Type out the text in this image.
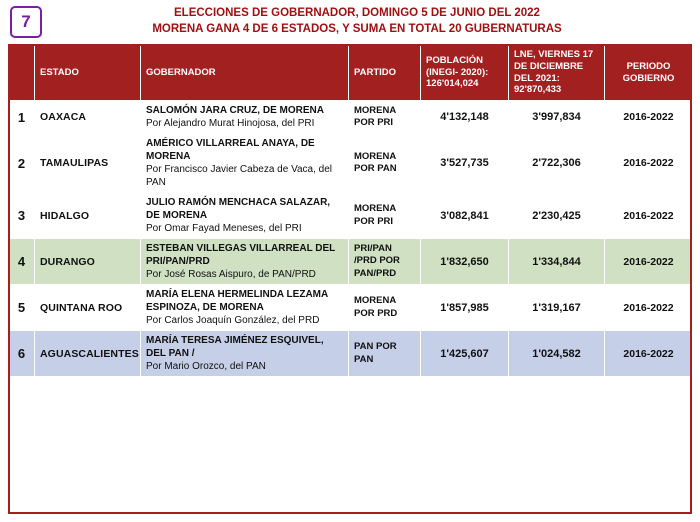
7	ELECCIONES DE GOBERNADOR, DOMINGO 5 DE JUNIO DEL 2022
MORENA GANA 4 DE 6 ESTADOS, Y SUMA EN TOTAL 20 GUBERNATURAS
	ESTADO	GOBERNADOR	PARTIDO	POBLACIÓN (INEGI- 2020): 126'014,024	LNE, VIERNES 17 DE DICIEMBRE DEL 2021: 92'870,433	PERIODO GOBIERNO
1	OAXACA	SALOMÓN JARA CRUZ, DE MORENA
Por Alejandro Murat Hinojosa, del PRI	MORENA POR PRI	4'132,148	3'997,834	2016-2022
2	TAMAULIPAS	AMÉRICO VILLARREAL ANAYA, DE MORENA
Por Francisco Javier Cabeza de Vaca, del PAN	MORENA POR PAN	3'527,735	2'722,306	2016-2022
3	HIDALGO	JULIO RAMÓN MENCHACA SALAZAR, DE MORENA
Por Omar Fayad Meneses, del PRI	MORENA POR PRI	3'082,841	2'230,425	2016-2022
4	DURANGO	ESTEBAN VILLEGAS VILLARREAL DEL PRI/PAN/PRD
Por José Rosas Aispuro, de PAN/PRD	PRI/PAN /PRD POR PAN/PRD	1'832,650	1'334,844	2016-2022
5	QUINTANA ROO	MARÍA ELENA HERMELINDA LEZAMA ESPINOZA, DE MORENA
Por Carlos Joaquín González, del PRD	MORENA POR PRD	1'857,985	1'319,167	2016-2022
6	AGUASCALIENTES	MARÍA TERESA JIMÉNEZ ESQUIVEL, DEL PAN /
Por Mario Orozco, del PAN	PAN POR PAN	1'425,607	1'024,582	2016-2022
				15'858,966 HABITANTES 12.58% DEL TOTAL DEL PAÍS	12'629,158 VOTANTES POTENCIALES 13.59% DE LNE DEL PAÍS	
